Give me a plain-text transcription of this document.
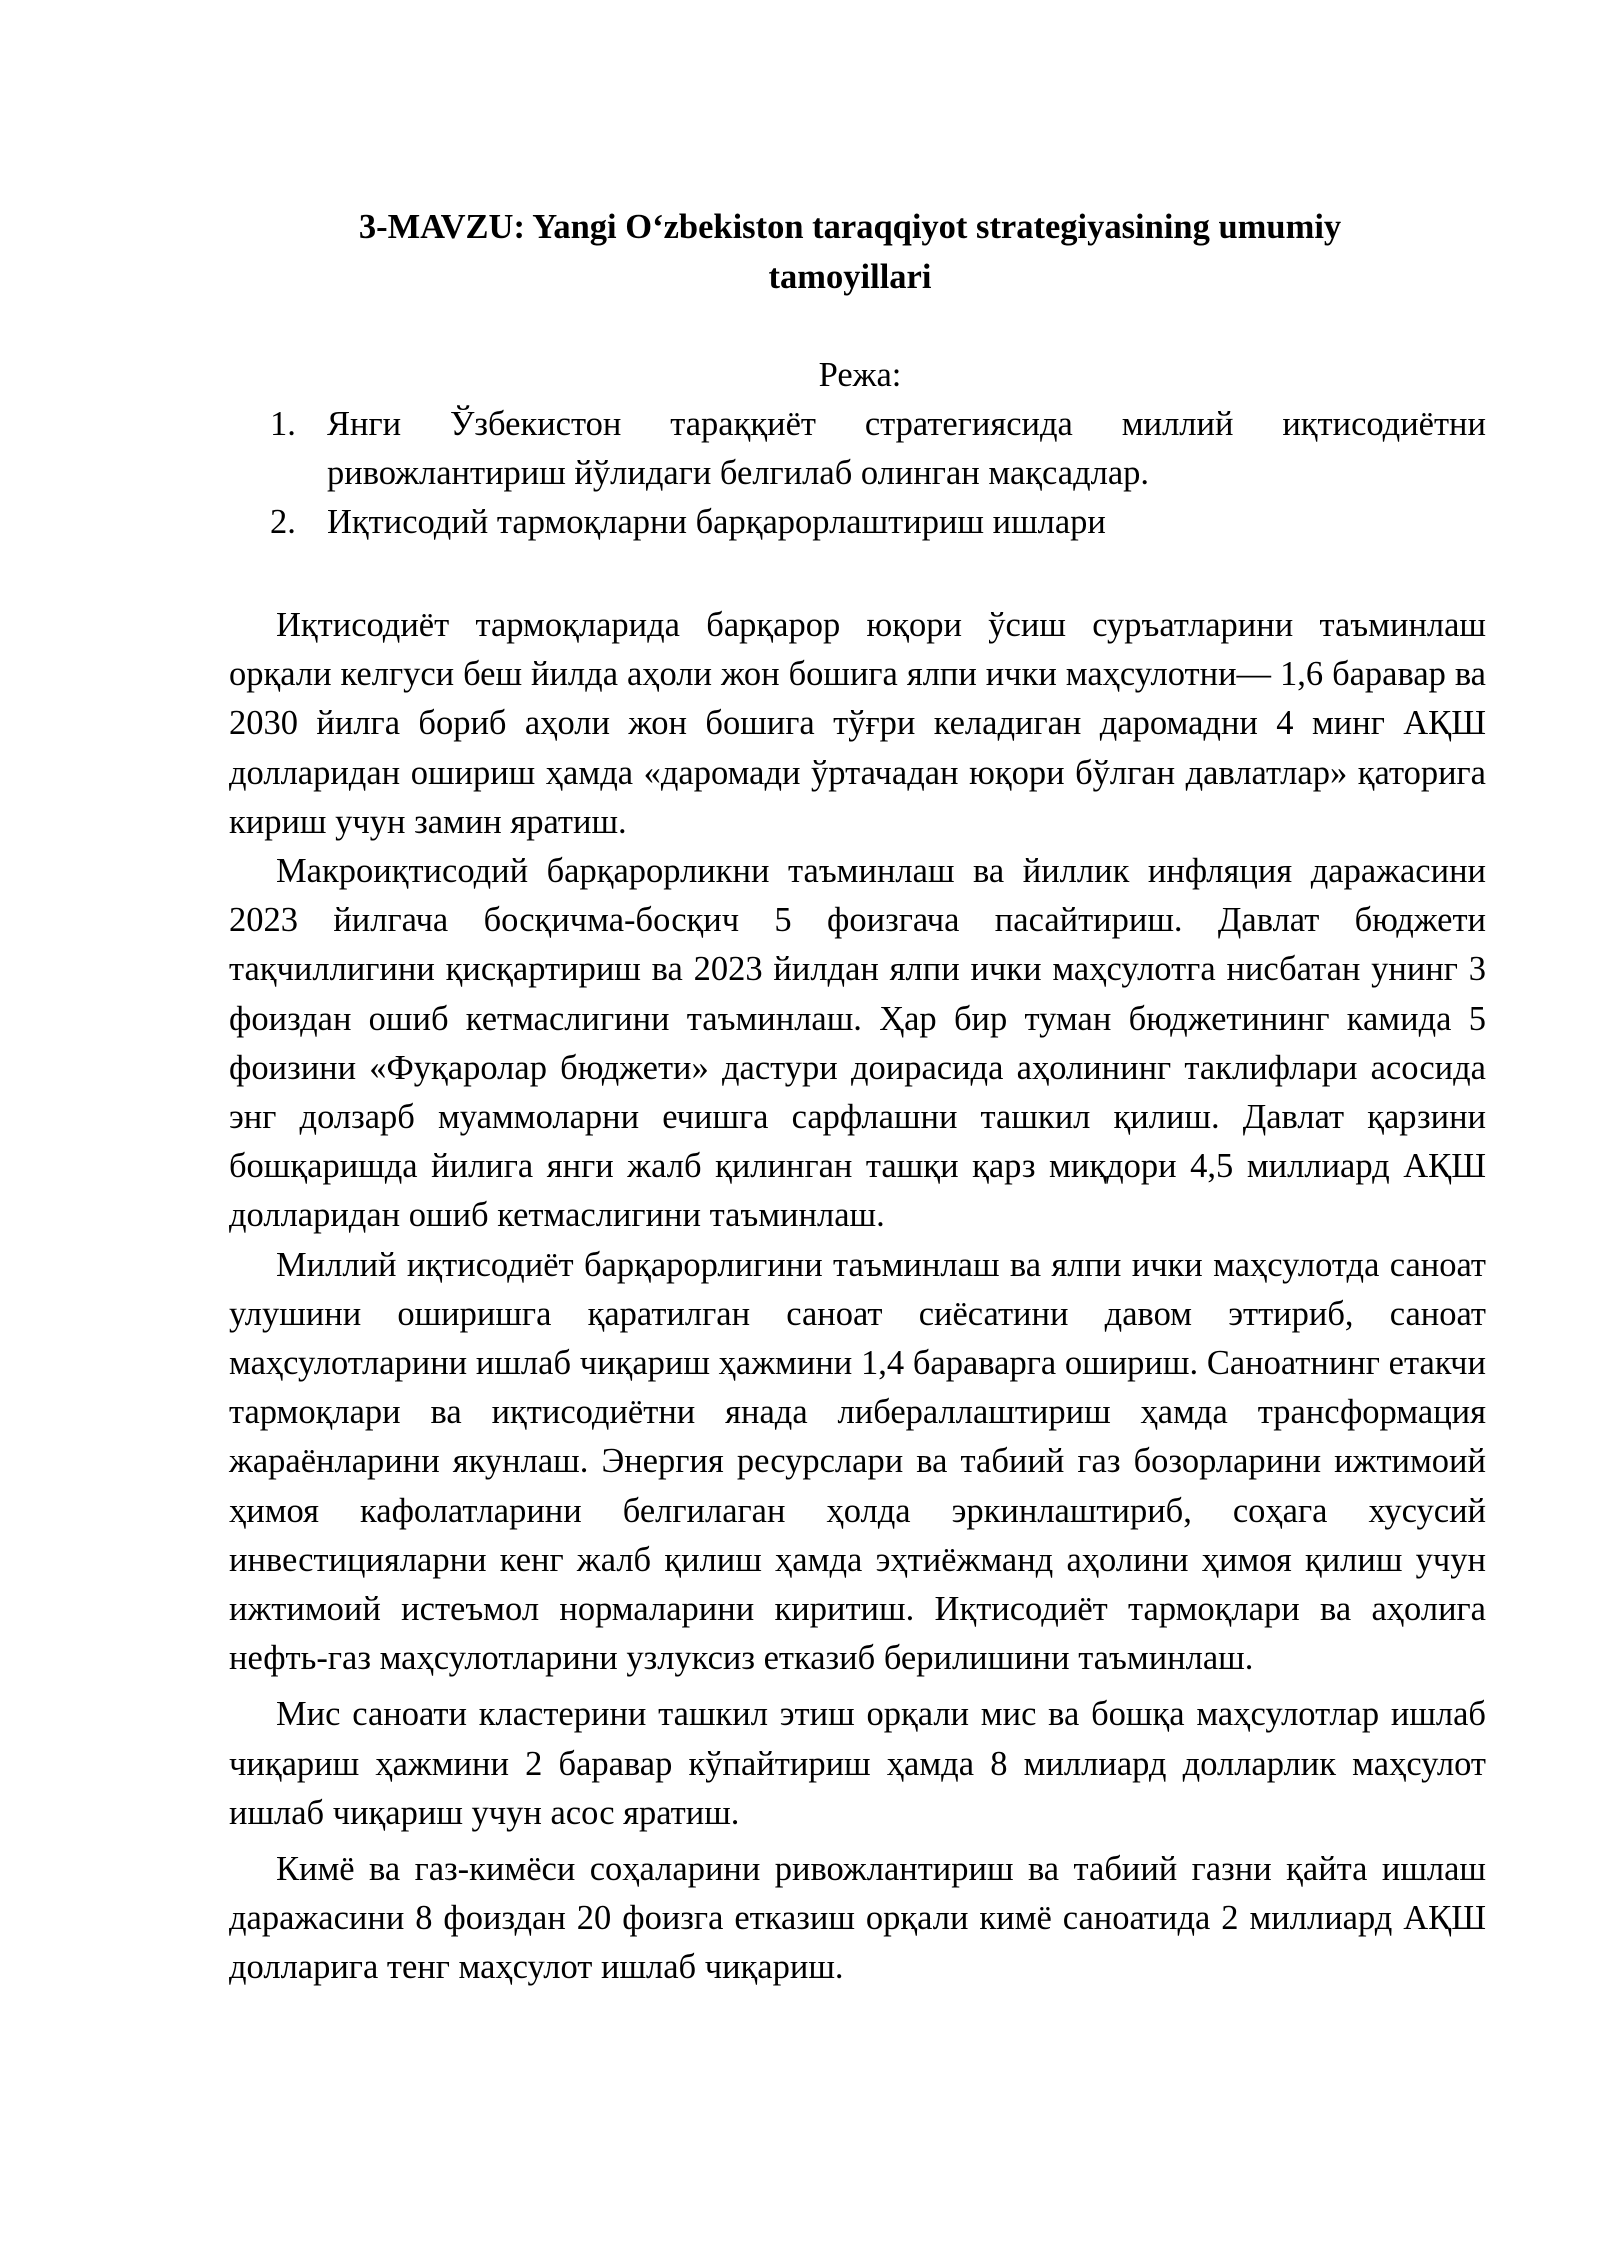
3-MAVZU: Yangi O‘zbekiston taraqqiyot strategiyasining umumiy tamoyillari
Режа:
1. Янги Ўзбекистон тараққиёт стратегиясида миллий иқтисодиётни ривожлантириш йўлидаги белгилаб олинган мақсадлар.
2. Иқтисодий тармоқларни барқарорлаштириш ишлари

Иқтисодиёт тармоқларида барқарор юқори ўсиш суръатларини таъминлаш орқали келгуси беш йилда аҳоли жон бошига ялпи ички маҳсулотни— 1,6 баравар ва 2030 йилга бориб аҳоли жон бошига тўғри келадиган даромадни 4 минг АҚШ долларидан ошириш ҳамда «даромади ўртачадан юқори бўлган давлатлар» қаторига кириш учун замин яратиш.

Макроиқтисодий барқарорликни таъминлаш ва йиллик инфляция даражасини 2023 йилгача босқичма-босқич 5 фоизгача пасайтириш. Давлат бюджети тақчиллигини қисқартириш ва 2023 йилдан ялпи ички маҳсулотга нисбатан унинг 3 фоиздан ошиб кетмаслигини таъминлаш. Ҳар бир туман бюджетининг камида 5 фоизини «Фуқаролар бюджети» дастури доирасида аҳолининг таклифлари асосида энг долзарб муаммоларни ечишга сарфлашни ташкил қилиш. Давлат қарзини бошқаришда йилига янги жалб қилинган ташқи қарз миқдори 4,5 миллиард АҚШ долларидан ошиб кетмаслигини таъминлаш.

Миллий иқтисодиёт барқарорлигини таъминлаш ва ялпи ички маҳсулотда саноат улушини оширишга қаратилган саноат сиёсатини давом эттириб, саноат маҳсулотларини ишлаб чиқариш ҳажмини 1,4 бараварга ошириш. Саноатнинг етакчи тармоқлари ва иқтисодиётни янада либераллаштириш ҳамда трансформация жараёнларини якунлаш. Энергия ресурслари ва табиий газ бозорларини ижтимоий ҳимоя кафолатларини белгилаган ҳолда эркинлаштириб, соҳага хусусий инвестицияларни кенг жалб қилиш ҳамда эҳтиёжманд аҳолини ҳимоя қилиш учун ижтимоий истеъмол нормаларини киритиш. Иқтисодиёт тармоқлари ва аҳолига нефть-газ маҳсулотларини узлуксиз етказиб берилишини таъминлаш.

Мис саноати кластерини ташкил этиш орқали мис ва бошқа маҳсулотлар ишлаб чиқариш ҳажмини 2 баравар кўпайтириш ҳамда 8 миллиард долларлик маҳсулот ишлаб чиқариш учун асос яратиш.

Кимё ва газ-кимёси соҳаларини ривожлантириш ва табиий газни қайта ишлаш даражасини 8 фоиздан 20 фоизга етказиш орқали кимё саноатида 2 миллиард АҚШ долларига тенг маҳсулот ишлаб чиқариш.
